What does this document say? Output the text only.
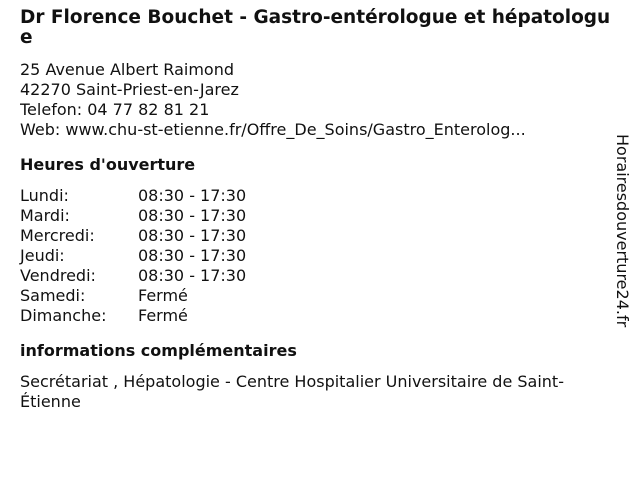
Dr Florence Bouchet - Gastro-entérologue et hépatologue
25 Avenue Albert Raimond
42270 Saint-Priest-en-Jarez
Telefon: 04 77 82 81 21
Web: www.chu-st-etienne.fr/Offre_De_Soins/Gastro_Enterolog...
Heures d'ouverture
Lundi:	08:30 - 17:30
Mardi:	08:30 - 17:30
Mercredi:	08:30 - 17:30
Jeudi:	08:30 - 17:30
Vendredi:	08:30 - 17:30
Samedi:	Fermé
Dimanche:	Fermé
informations complémentaires
Secrétariat , Hépatologie - Centre Hospitalier Universitaire de Saint-Étienne
Horairesdouverture24.fr
